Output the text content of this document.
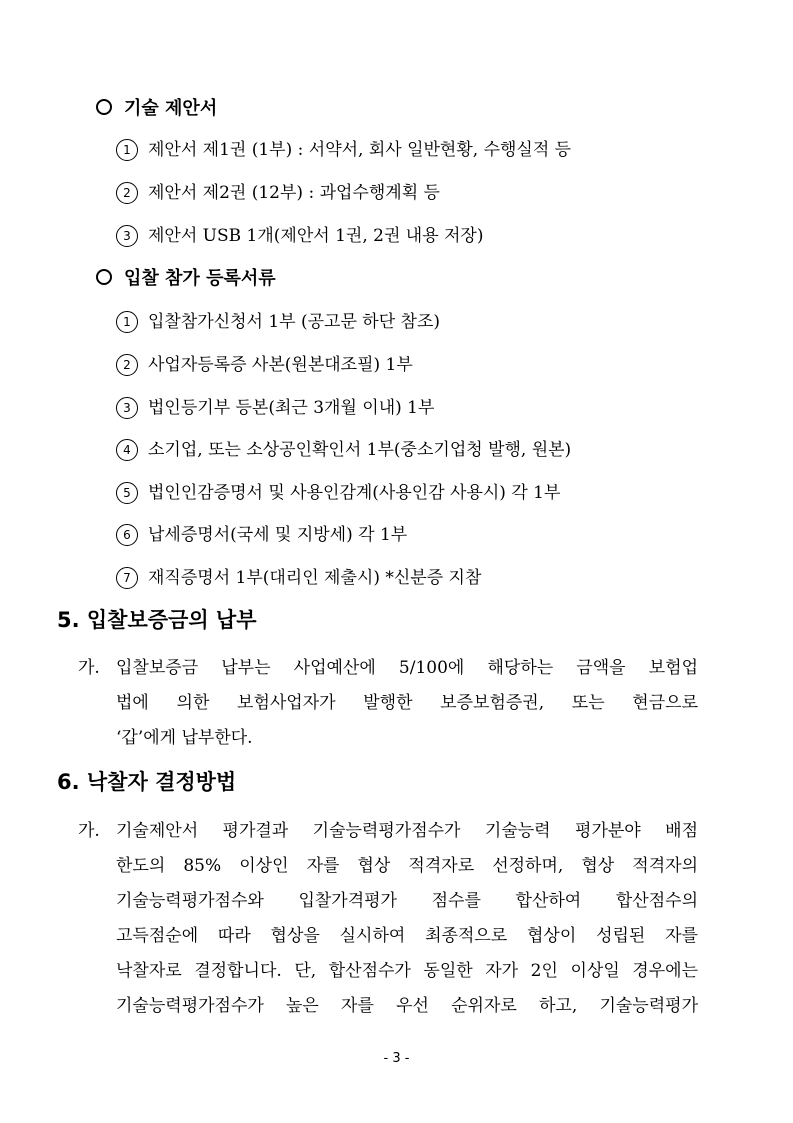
기술 제안서
1 제안서 제1권 (1부) : 서약서, 회사 일반현황, 수행실적 등
2 제안서 제2권 (12부) : 과업수행계획 등
3 제안서 USB 1개(제안서 1권, 2권 내용 저장)
입찰 참가 등록서류
1 입찰참가신청서 1부 (공고문 하단 참조)
2 사업자등록증 사본(원본대조필) 1부
3 법인등기부 등본(최근 3개월 이내) 1부
4 소기업, 또는 소상공인확인서 1부(중소기업청 발행, 원본)
5 법인인감증명서 및 사용인감계(사용인감 사용시) 각 1부
6 납세증명서(국세 및 지방세) 각 1부
7 재직증명서 1부(대리인 제출시) *신분증 지참
5. 입찰보증금의 납부
가. 입찰보증금 납부는 사업예산에 5/100에 해당하는 금액을 보험업
법에 의한 보험사업자가 발행한 보증보험증권, 또는 현금으로
‘갑’에게 납부한다.
6. 낙찰자 결정방법
가. 기술제안서 평가결과 기술능력평가점수가 기술능력 평가분야 배점
한도의 85% 이상인 자를 협상 적격자로 선정하며, 협상 적격자의
기술능력평가점수와 입찰가격평가 점수를 합산하여 합산점수의
고득점순에 따라 협상을 실시하여 최종적으로 협상이 성립된 자를
낙찰자로 결정합니다. 단, 합산점수가 동일한 자가 2인 이상일 경우에는
기술능력평가점수가 높은 자를 우선 순위자로 하고, 기술능력평가
- 3 -
